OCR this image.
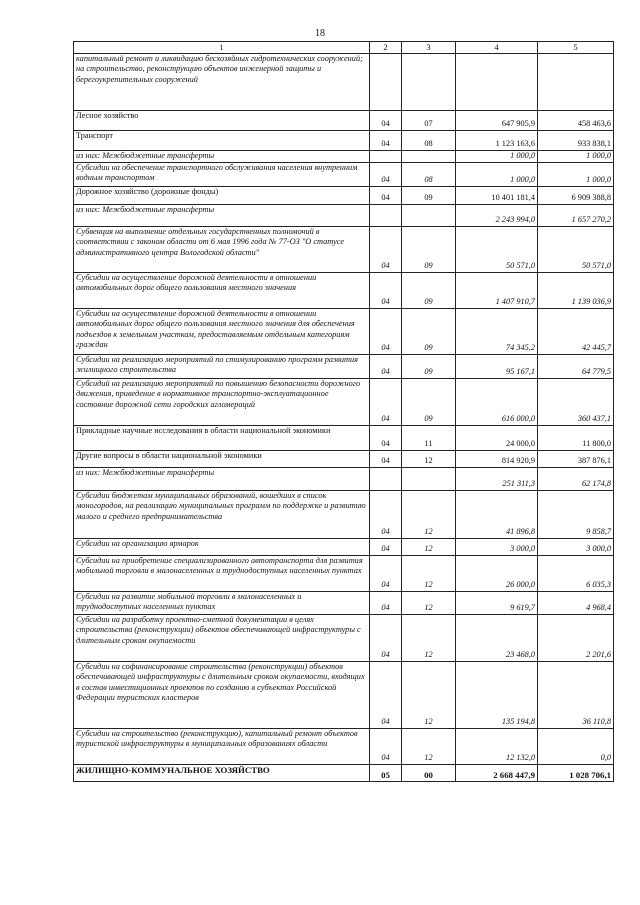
18
1	2	3	4	5
капитальный ремонт и ликвидацию бесхозяйных гидротехнических сооружений; на строительство, реконструкцию объектов инженерной защиты и берегоукрепительных сооружений				
Лесное хозяйство	04	07	647 905,9	458 463,6
Транспорт	04	08	1 123 163,6	933 838,1
из них: Межбюджетные трансферты			1 000,0	1 000,0
Субсидии на обеспечение транспортного обслуживания населения внутренним водным транспортом	04	08	1 000,0	1 000,0
Дорожное хозяйство (дорожные фонды)	04	09	10 401 181,4	6 909 388,8
из них: Межбюджетные трансферты			2 243 994,0	1 657 270,2
Субвенция на выполнение отдельных государственных полномочий в соответствии с законом области от 6 мая 1996 года № 77-ОЗ "О статусе административного центра Вологодской области"	04	09	50 571,0	50 571,0
Субсидии на осуществление дорожной деятельности в отношении автомобильных дорог общего пользования местного значения	04	09	1 407 910,7	1 139 036,9
Субсидии на осуществление дорожной деятельности в отношении автомобильных дорог общего пользования местного значения для обеспечения подъездов к земельным участкам, предоставляемым отдельным категориям граждан	04	09	74 345,2	42 445,7
Субсидии на реализацию мероприятий по стимулированию программ развития жилищного строительства	04	09	95 167,1	64 779,5
Субсидий на реализацию мероприятий по повышению безопасности дорожного движения, приведение в нормативное транспортно-эксплуатационное состояние дорожной сети городских агломераций	04	09	616 000,0	360 437,1
Прикладные научные исследования в области национальной экономики	04	11	24 000,0	11 800,0
Другие вопросы в области национальной экономики	04	12	814 920,9	387 876,1
из них: Межбюджетные трансферты			251 311,3	62 174,8
Субсидии бюджетам муниципальных образований, вошедших в список моногородов, на реализацию муниципальных программ по поддержке и развитию малого и среднего предпринимательства	04	12	41 896,8	9 858,7
Субсидии на организацию ярмарок	04	12	3 000,0	3 000,0
Субсидии на приобретение специализированного автотранспорта для развития мобильной торговли в малонаселенных и труднодоступных населенных пунктах	04	12	26 000,0	6 035,3
Субсидии на развитие мобильной торговли в малонаселенных и труднодоступных населенных пунктах	04	12	9 619,7	4 968,4
Субсидии на разработку проектно-сметной документации в целях строительства (реконструкции) объектов обеспечивающей инфраструктуры с длительным сроком окупаемости	04	12	23 468,0	2 201,6
Субсидии на софинансирование строительства (реконструкции) объектов обеспечивающей инфраструктуры с длительным сроком окупаемости, входящих в состав инвестиционных проектов по созданию в субъектах Российской Федерации туристских кластеров	04	12	135 194,8	36 110,8
Субсидии на строительство (реконструкцию), капитальный ремонт объектов туристской инфраструктуры в муниципальных образованиях области	04	12	12 132,0	0,0
ЖИЛИЩНО-КОММУНАЛЬНОЕ ХОЗЯЙСТВО	05	00	2 668 447,9	1 028 706,1
